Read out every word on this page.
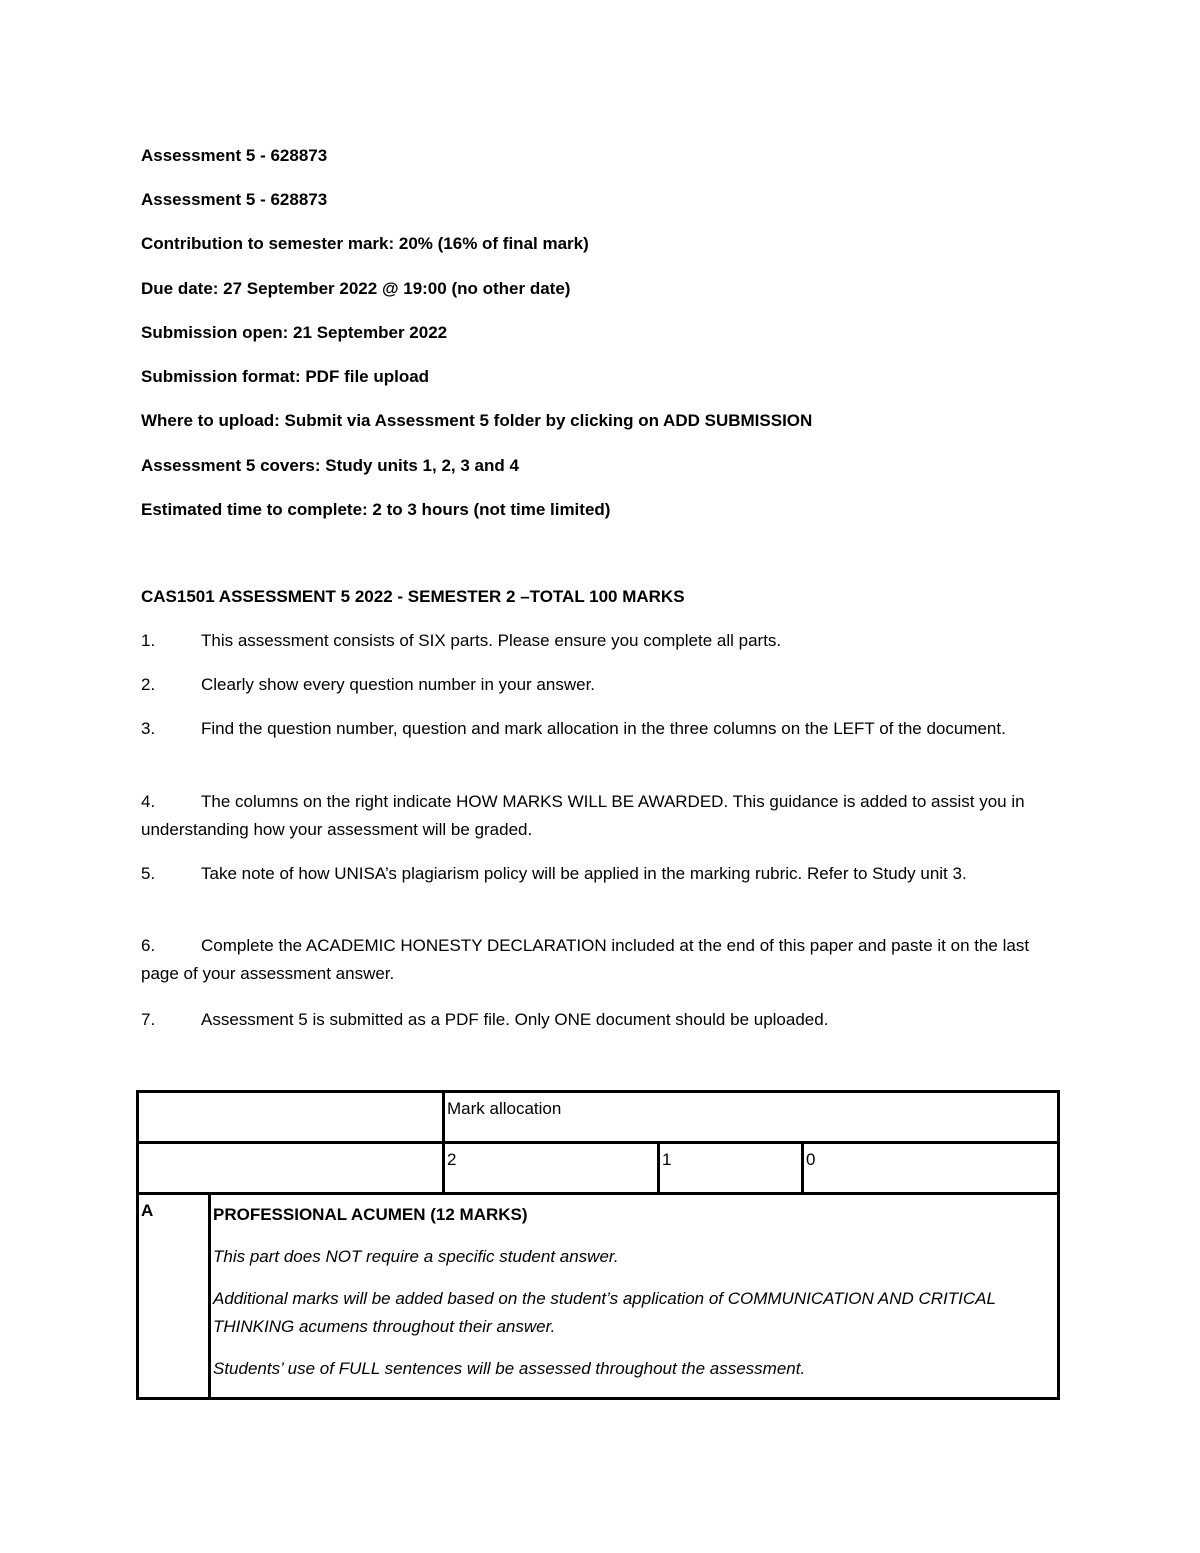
Assessment 5 - 628873
Assessment 5 - 628873
Contribution to semester mark: 20% (16% of final mark)
Due date: 27 September 2022 @ 19:00 (no other date)
Submission open: 21 September 2022
Submission format: PDF file upload
Where to upload: Submit via Assessment 5 folder by clicking on ADD SUBMISSION
Assessment 5 covers: Study units 1, 2, 3 and 4
Estimated time to complete: 2 to 3 hours (not time limited)
CAS1501 ASSESSMENT 5 2022 - SEMESTER 2 –TOTAL 100 MARKS
1.	This assessment consists of SIX parts. Please ensure you complete all parts.
2.	Clearly show every question number in your answer.
3.	Find the question number, question and mark allocation in the three columns on the LEFT of the document.
4.	The columns on the right indicate HOW MARKS WILL BE AWARDED. This guidance is added to assist you in understanding how your assessment will be graded.
5.	Take note of how UNISA’s plagiarism policy will be applied in the marking rubric. Refer to Study unit 3.
6.	Complete the ACADEMIC HONESTY DECLARATION included at the end of this paper and paste it on the last page of your assessment answer.
7.	Assessment 5 is submitted as a PDF file. Only ONE document should be uploaded.

		Mark allocation		

		2	1	0

A	PROFESSIONAL ACUMEN (12 MARKS)

This part does NOT require a specific student answer.

Additional marks will be added based on the student’s application of COMMUNICATION AND CRITICAL THINKING acumens throughout their answer.

Students’ use of FULL sentences will be assessed throughout the assessment.			
